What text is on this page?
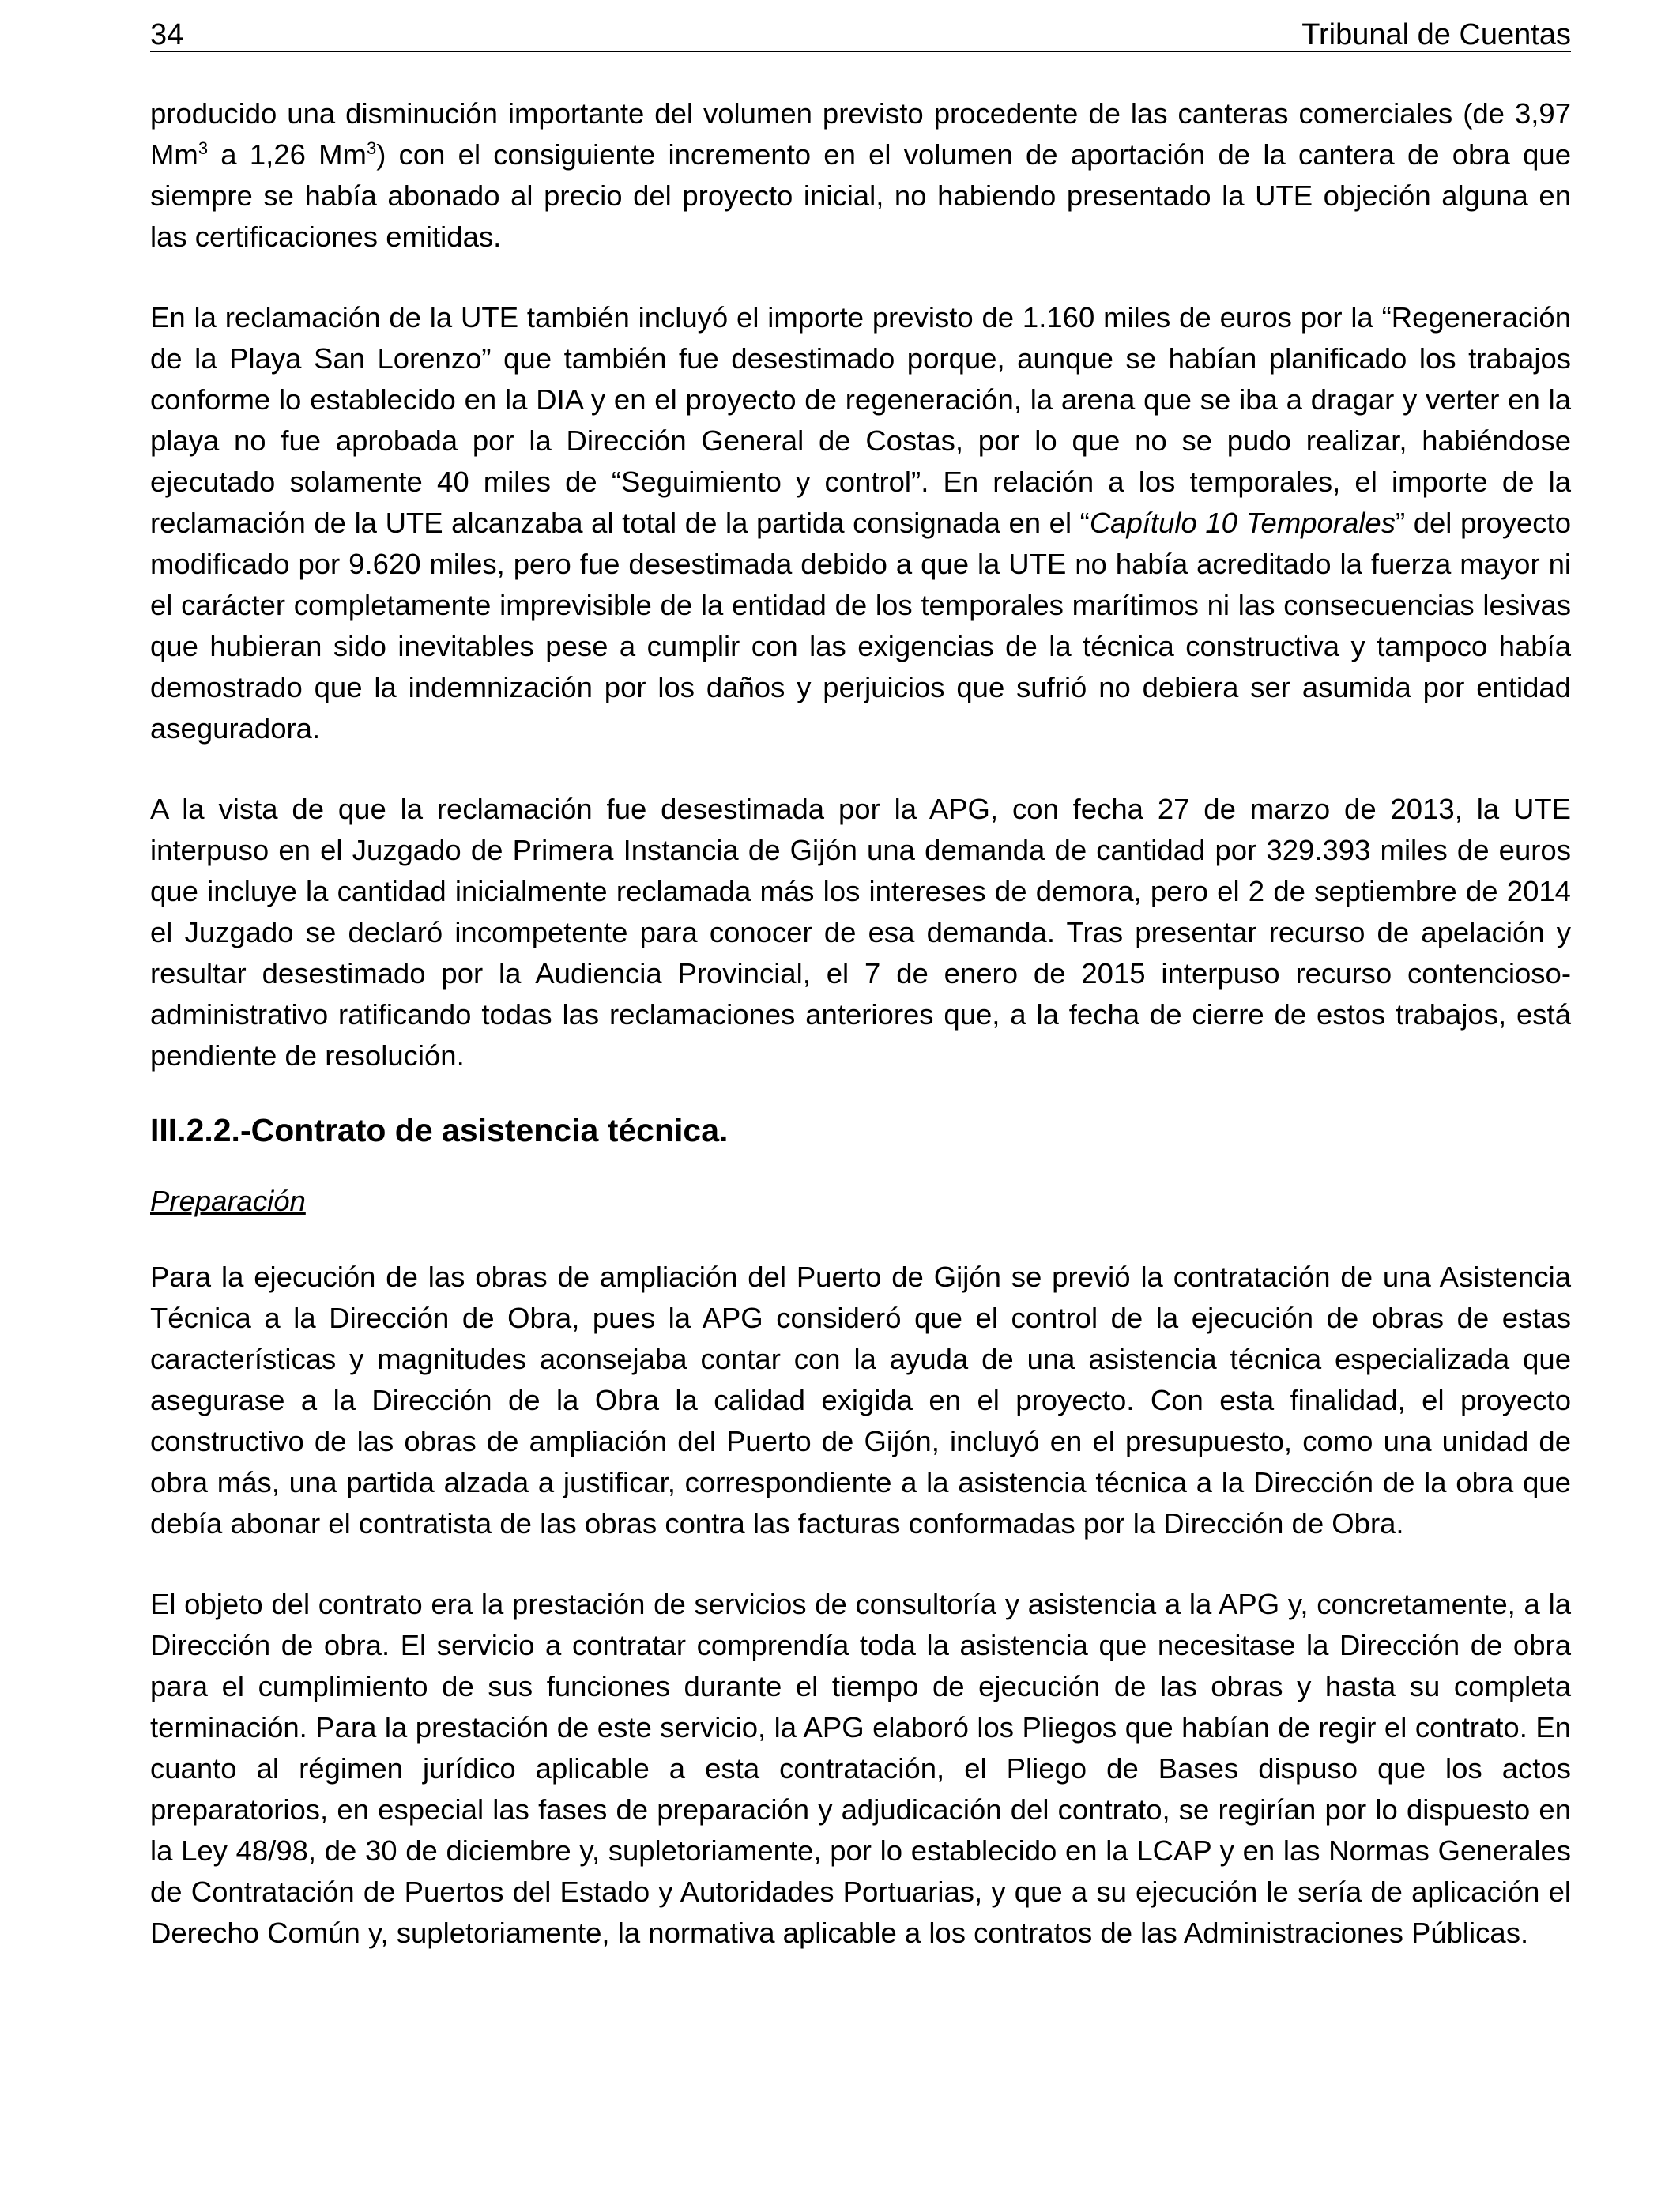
34	Tribunal de Cuentas

producido una disminución importante del volumen previsto procedente de las canteras comerciales (de 3,97 Mm$^3$ a 1,26 Mm$^3$) con el consiguiente incremento en el volumen de aportación de la cantera de obra que siempre se había abonado al precio del proyecto inicial, no habiendo presentado la UTE objeción alguna en las certificaciones emitidas.

En la reclamación de la UTE también incluyó el importe previsto de 1.160 miles de euros por la “Regeneración de la Playa San Lorenzo” que también fue desestimado porque, aunque se habían planificado los trabajos conforme lo establecido en la DIA y en el proyecto de regeneración, la arena que se iba a dragar y verter en la playa no fue aprobada por la Dirección General de Costas, por lo que no se pudo realizar, habiéndose ejecutado solamente 40 miles de “Seguimiento y control”. En relación a los temporales, el importe de la reclamación de la UTE alcanzaba al total de la partida consignada en el “Capítulo 10 Temporales” del proyecto modificado por 9.620 miles, pero fue desestimada debido a que la UTE no había acreditado la fuerza mayor ni el carácter completamente imprevisible de la entidad de los temporales marítimos ni las consecuencias lesivas que hubieran sido inevitables pese a cumplir con las exigencias de la técnica constructiva y tampoco había demostrado que la indemnización por los daños y perjuicios que sufrió no debiera ser asumida por entidad aseguradora.

A la vista de que la reclamación fue desestimada por la APG, con fecha 27 de marzo de 2013, la UTE interpuso en el Juzgado de Primera Instancia de Gijón una demanda de cantidad por 329.393 miles de euros que incluye la cantidad inicialmente reclamada más los intereses de demora, pero el 2 de septiembre de 2014 el Juzgado se declaró incompetente para conocer de esa demanda. Tras presentar recurso de apelación y resultar desestimado por la Audiencia Provincial, el 7 de enero de 2015 interpuso recurso contencioso-administrativo ratificando todas las reclamaciones anteriores que, a la fecha de cierre de estos trabajos, está pendiente de resolución.

III.2.2.-Contrato de asistencia técnica.
Preparación

Para la ejecución de las obras de ampliación del Puerto de Gijón se previó la contratación de una Asistencia Técnica a la Dirección de Obra, pues la APG consideró que el control de la ejecución de obras de estas características y magnitudes aconsejaba contar con la ayuda de una asistencia técnica especializada que asegurase a la Dirección de la Obra la calidad exigida en el proyecto. Con esta finalidad, el proyecto constructivo de las obras de ampliación del Puerto de Gijón, incluyó en el presupuesto, como una unidad de obra más, una partida alzada a justificar, correspondiente a la asistencia técnica a la Dirección de la obra que debía abonar el contratista de las obras contra las facturas conformadas por la Dirección de Obra.

El objeto del contrato era la prestación de servicios de consultoría y asistencia a la APG y, concretamente, a la Dirección de obra. El servicio a contratar comprendía toda la asistencia que necesitase la Dirección de obra para el cumplimiento de sus funciones durante el tiempo de ejecución de las obras y hasta su completa terminación. Para la prestación de este servicio, la APG elaboró los Pliegos que habían de regir el contrato. En cuanto al régimen jurídico aplicable a esta contratación, el Pliego de Bases dispuso que los actos preparatorios, en especial las fases de preparación y adjudicación del contrato, se regirían por lo dispuesto en la Ley 48/98, de 30 de diciembre y, supletoriamente, por lo establecido en la LCAP y en las Normas Generales de Contratación de Puertos del Estado y Autoridades Portuarias, y que a su ejecución le sería de aplicación el Derecho Común y, supletoriamente, la normativa aplicable a los contratos de las Administraciones Públicas.
